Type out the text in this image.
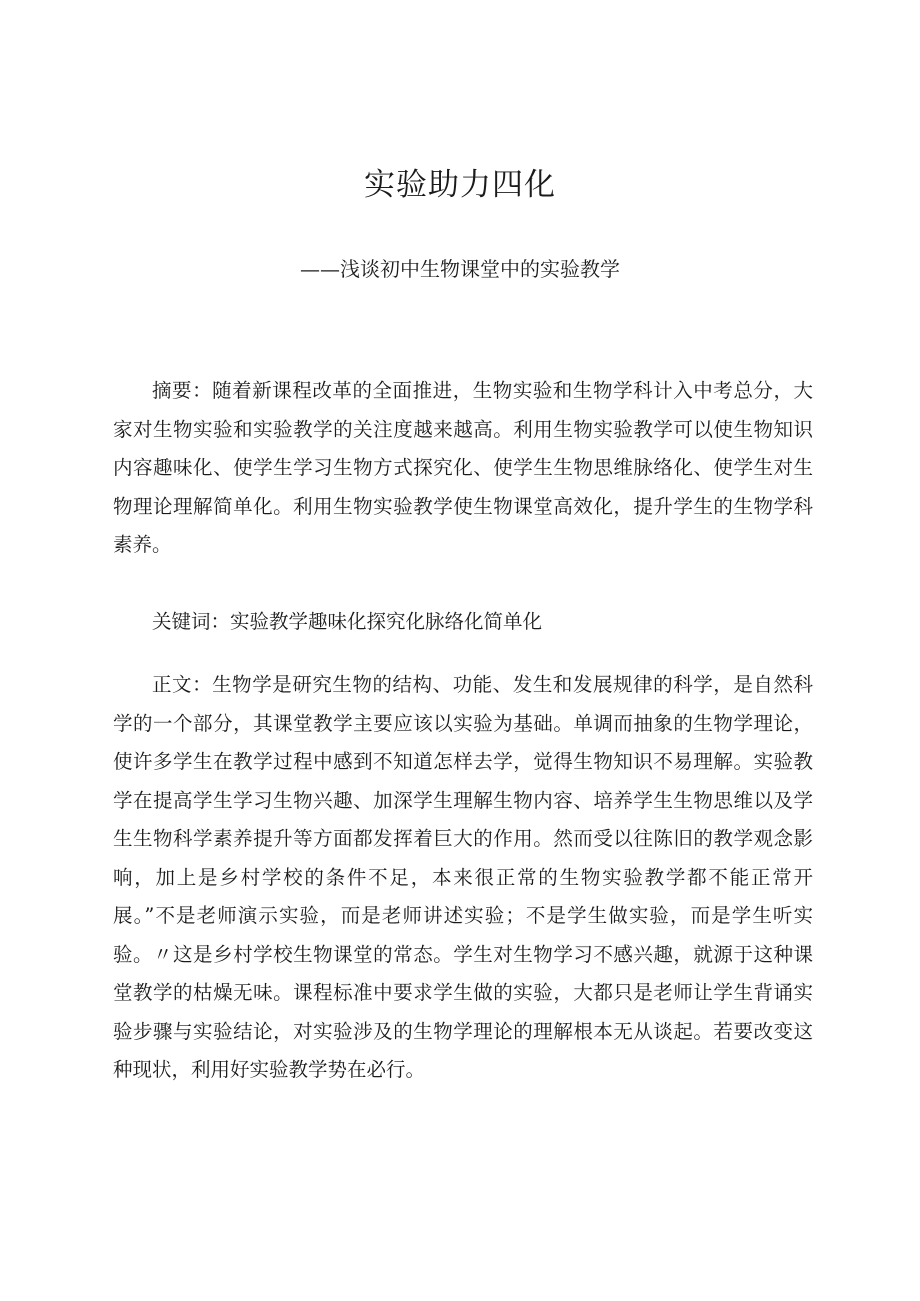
实验助力四化

——浅谈初中生物课堂中的实验教学

摘要：随着新课程改革的全面推进，生物实验和生物学科计入中考总分，大家对生物实验和实验教学的关注度越来越高。利用生物实验教学可以使生物知识内容趣味化、使学生学习生物方式探究化、使学生生物思维脉络化、使学生对生物理论理解简单化。利用生物实验教学使生物课堂高效化，提升学生的生物学科素养。

关键词：实验教学趣味化探究化脉络化简单化

正文：生物学是研究生物的结构、功能、发生和发展规律的科学，是自然科学的一个部分，其课堂教学主要应该以实验为基础。单调而抽象的生物学理论，使许多学生在教学过程中感到不知道怎样去学，觉得生物知识不易理解。实验教学在提高学生学习生物兴趣、加深学生理解生物内容、培养学生生物思维以及学生生物科学素养提升等方面都发挥着巨大的作用。然而受以往陈旧的教学观念影响，加上是乡村学校的条件不足，本来很正常的生物实验教学都不能正常开展。”不是老师演示实验，而是老师讲述实验；不是学生做实验，而是学生听实验。〃这是乡村学校生物课堂的常态。学生对生物学习不感兴趣，就源于这种课堂教学的枯燥无味。课程标准中要求学生做的实验，大都只是老师让学生背诵实验步骤与实验结论，对实验涉及的生物学理论的理解根本无从谈起。若要改变这种现状，利用好实验教学势在必行。
